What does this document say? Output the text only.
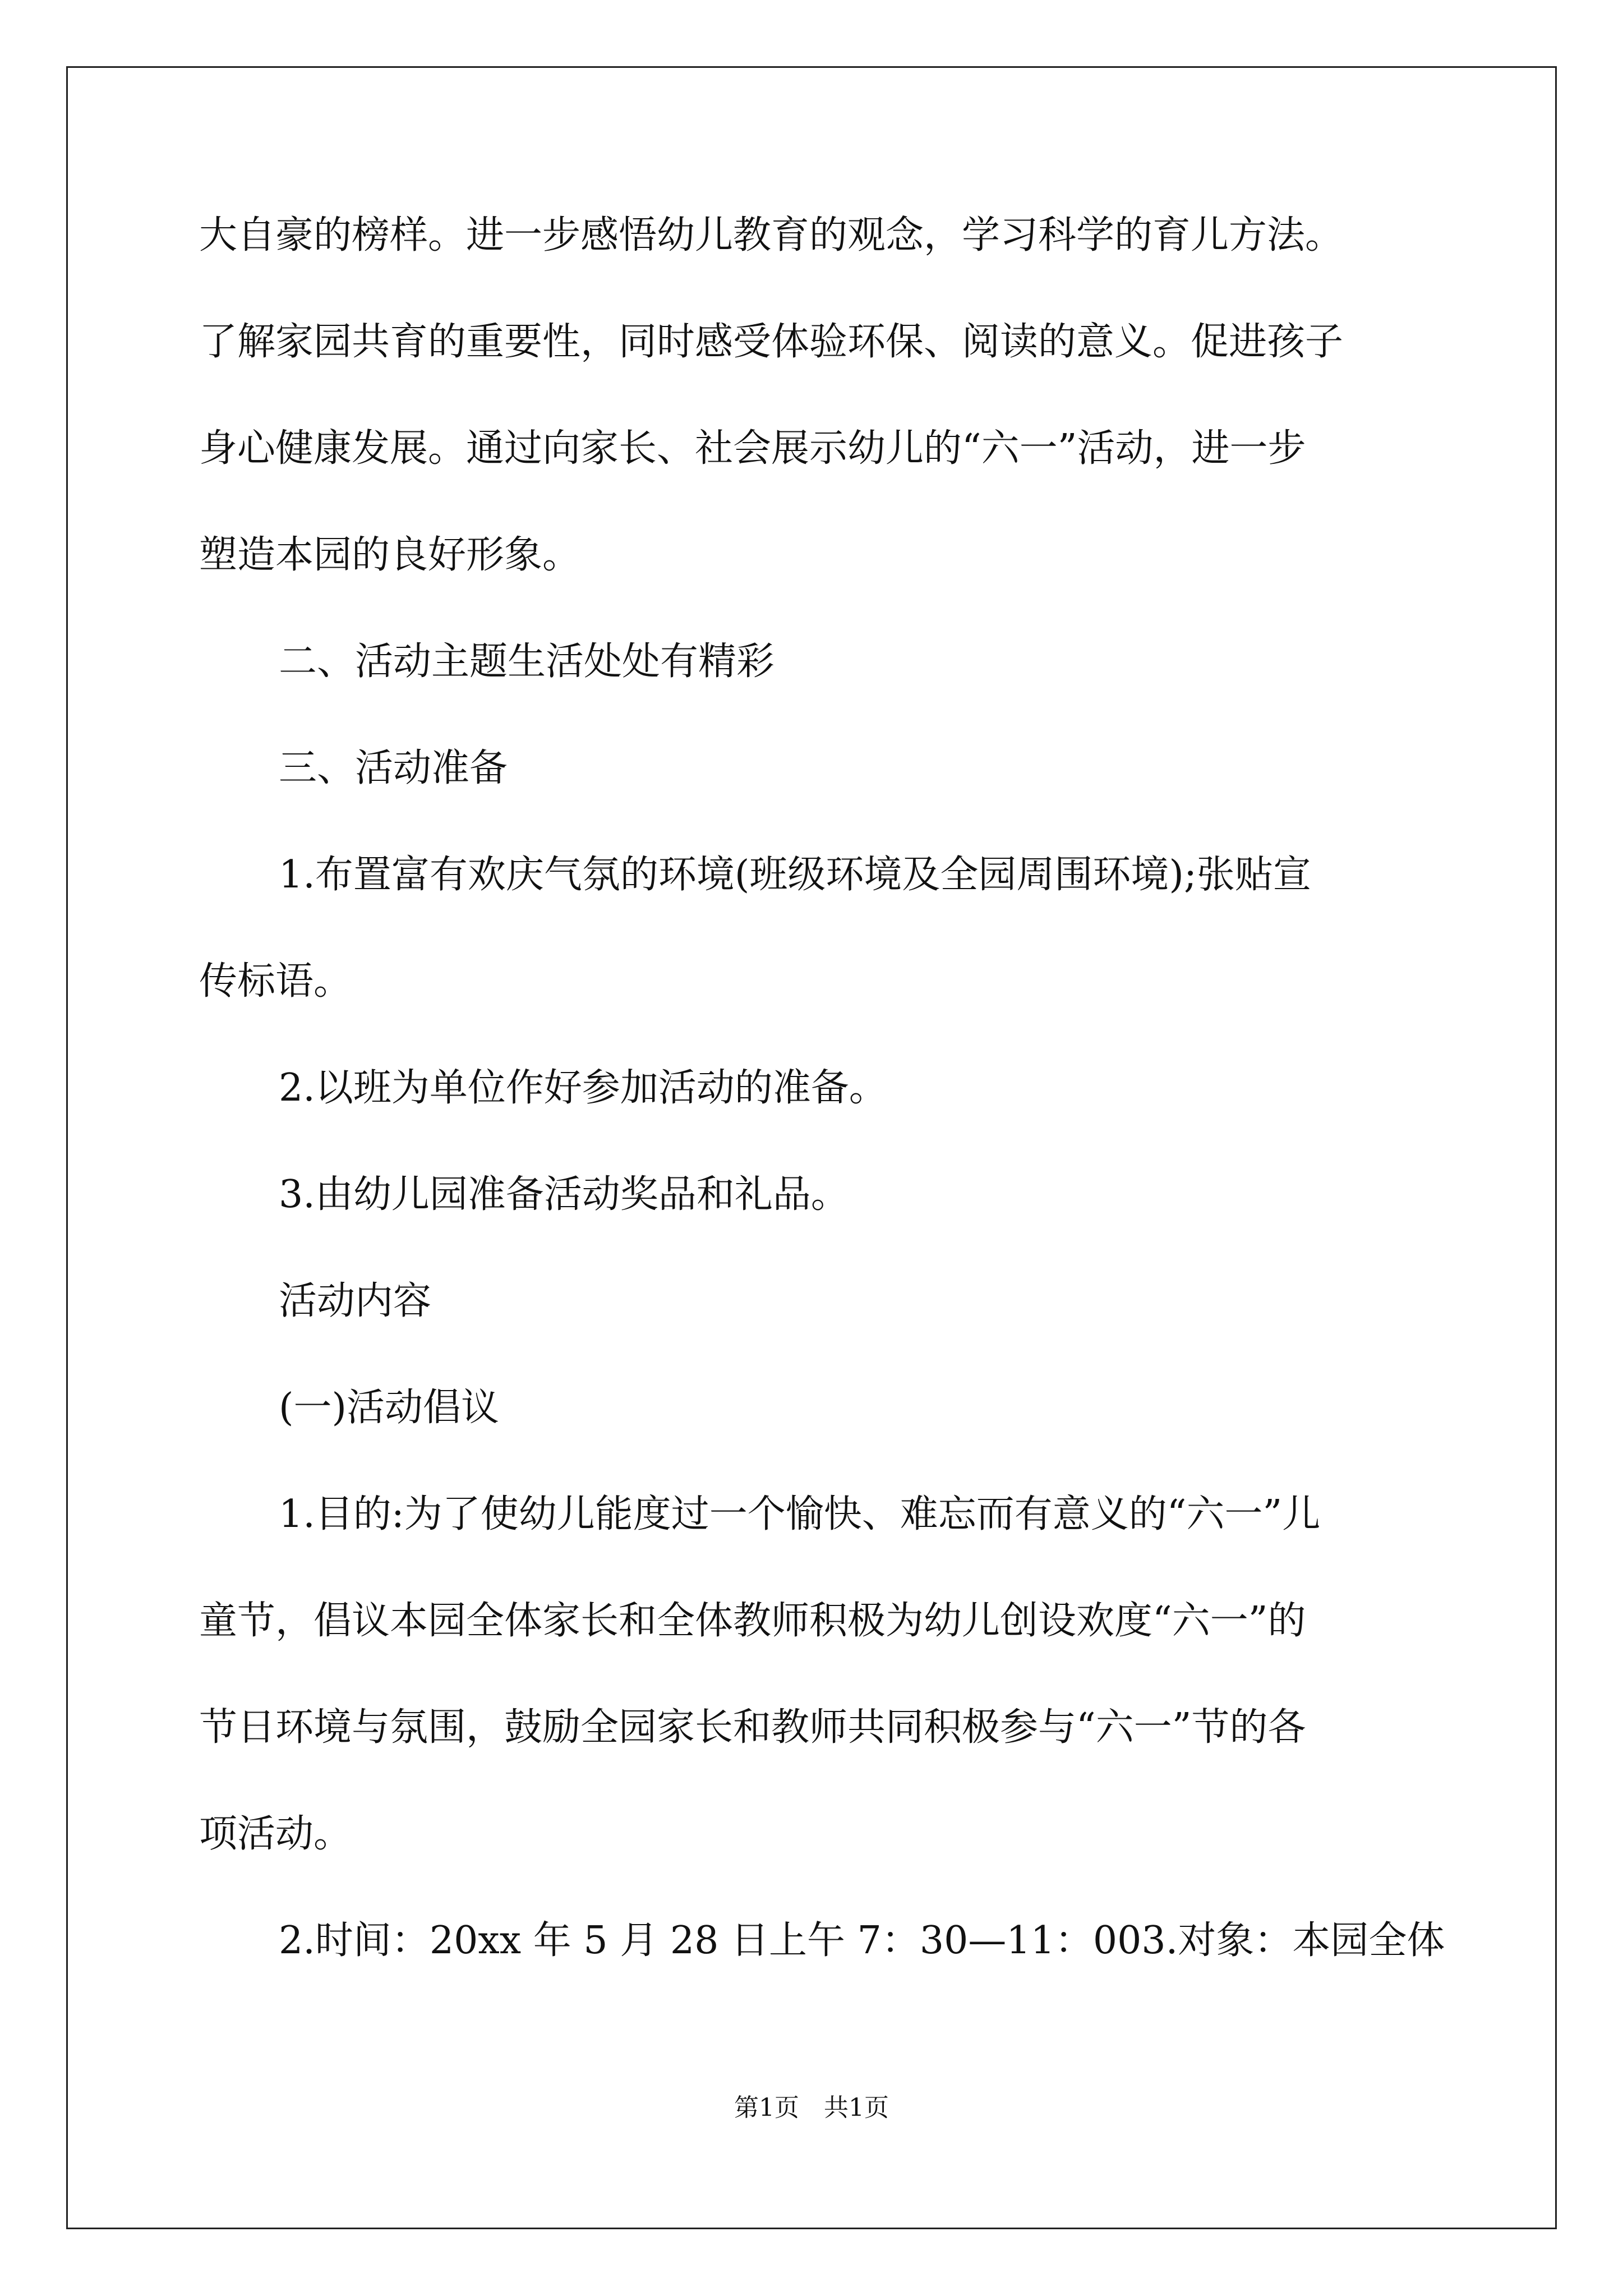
大自豪的榜样。进一步感悟幼儿教育的观念，学习科学的育儿方法。
了解家园共育的重要性，同时感受体验环保、阅读的意义。促进孩子
身心健康发展。通过向家长、社会展示幼儿的“六一”活动，进一步
塑造本园的良好形象。
二、活动主题生活处处有精彩
三、活动准备
1.布置富有欢庆气氛的环境(班级环境及全园周围环境);张贴宣
传标语。
2.以班为单位作好参加活动的准备。
3.由幼儿园准备活动奖品和礼品。
活动内容
(一)活动倡议
1.目的:为了使幼儿能度过一个愉快、难忘而有意义的“六一”儿
童节，倡议本园全体家长和全体教师积极为幼儿创设欢度“六一”的
节日环境与氛围，鼓励全园家长和教师共同积极参与“六一”节的各
项活动。
2.时间：20xx 年 5 月 28 日上午 7：30—11：003.对象：本园全体
第1页　共1页
